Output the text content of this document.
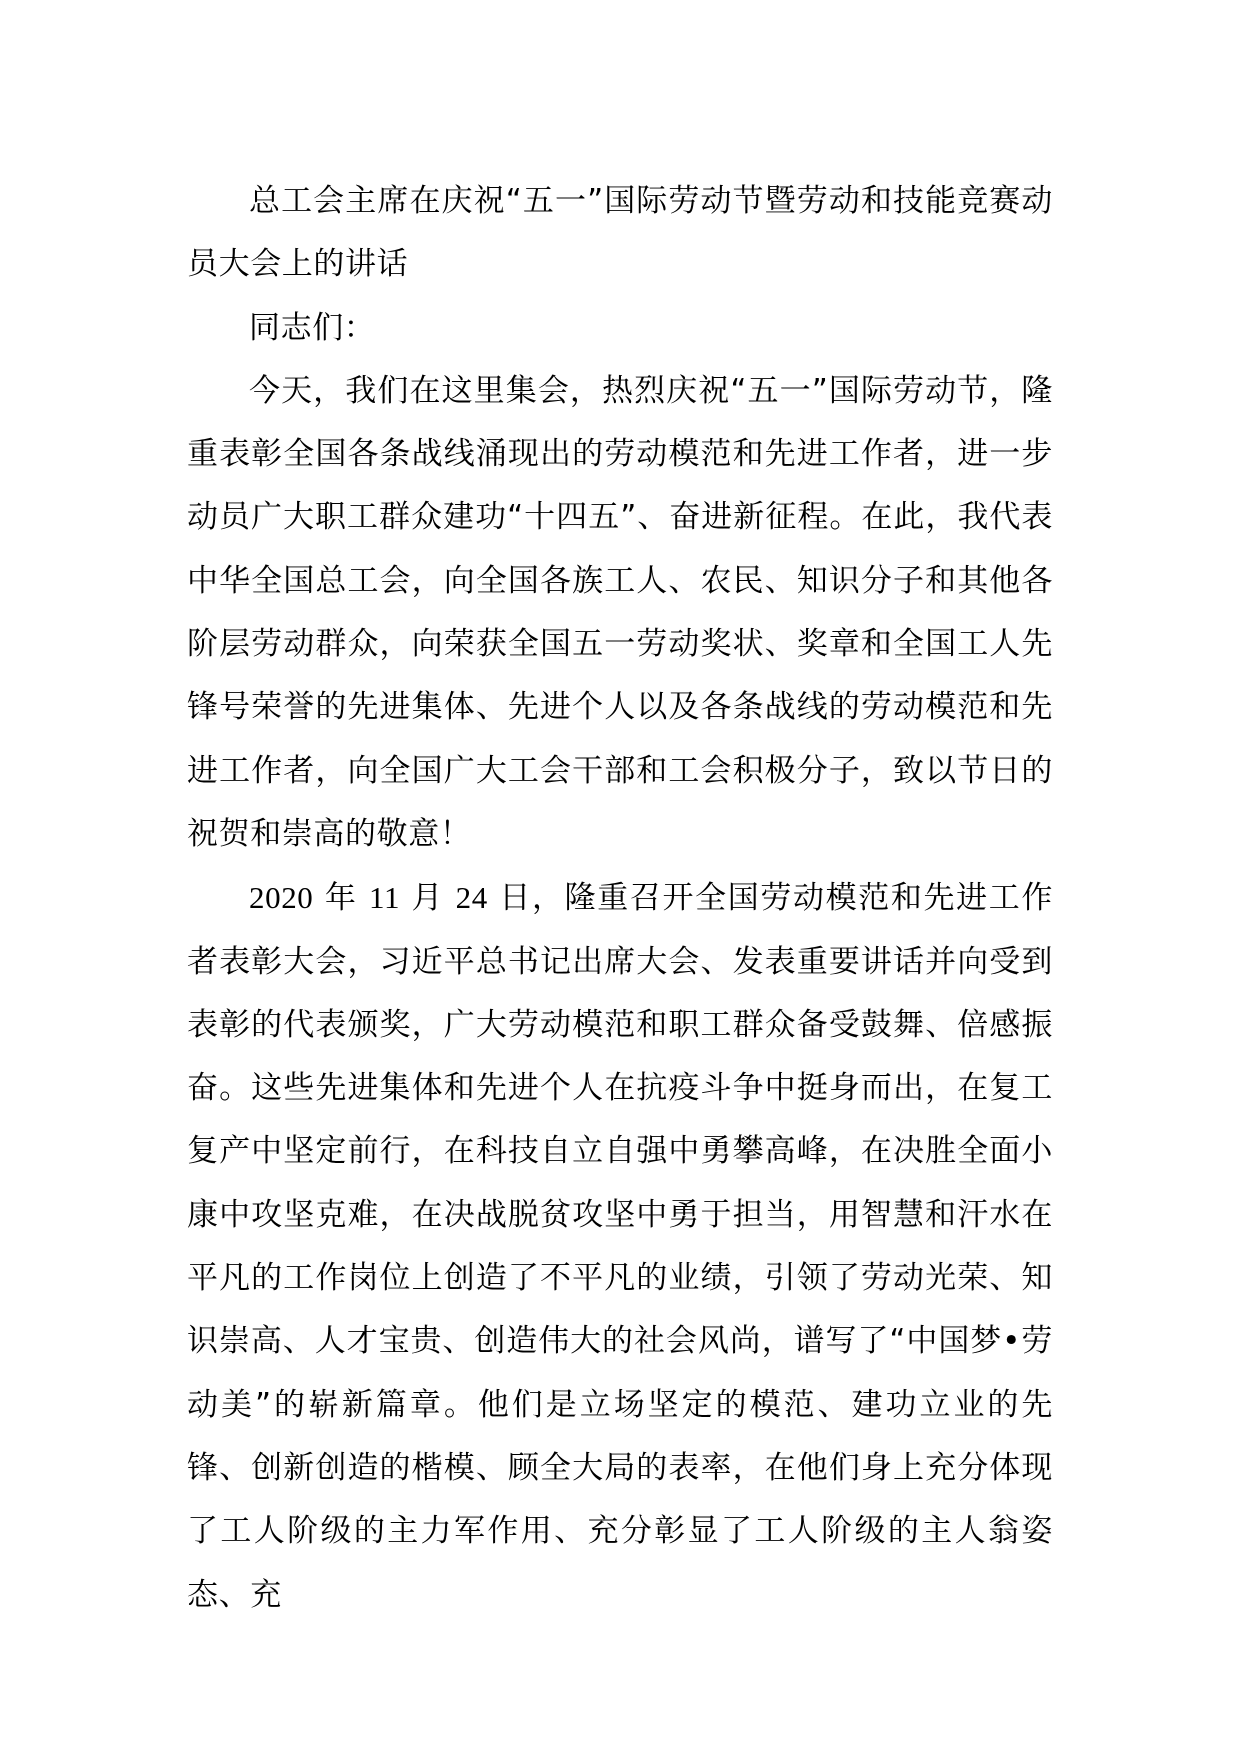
总工会主席在庆祝“五一”国际劳动节暨劳动和技能竞赛动员大会上的讲话

同志们：

今天，我们在这里集会，热烈庆祝“五一”国际劳动节，隆重表彰全国各条战线涌现出的劳动模范和先进工作者，进一步动员广大职工群众建功“十四五”、奋进新征程。在此，我代表中华全国总工会，向全国各族工人、农民、知识分子和其他各阶层劳动群众，向荣获全国五一劳动奖状、奖章和全国工人先锋号荣誉的先进集体、先进个人以及各条战线的劳动模范和先进工作者，向全国广大工会干部和工会积极分子，致以节日的祝贺和崇高的敬意！

2020 年 11 月 24 日，隆重召开全国劳动模范和先进工作者表彰大会，习近平总书记出席大会、发表重要讲话并向受到表彰的代表颁奖，广大劳动模范和职工群众备受鼓舞、倍感振奋。这些先进集体和先进个人在抗疫斗争中挺身而出，在复工复产中坚定前行，在科技自立自强中勇攀高峰，在决胜全面小康中攻坚克难，在决战脱贫攻坚中勇于担当，用智慧和汗水在平凡的工作岗位上创造了不平凡的业绩，引领了劳动光荣、知识崇高、人才宝贵、创造伟大的社会风尚，谱写了“中国梦•劳动美”的崭新篇章。他们是立场坚定的模范、建功立业的先锋、创新创造的楷模、顾全大局的表率，在他们身上充分体现了工人阶级的主力军作用、充分彰显了工人阶级的主人翁姿态、充
